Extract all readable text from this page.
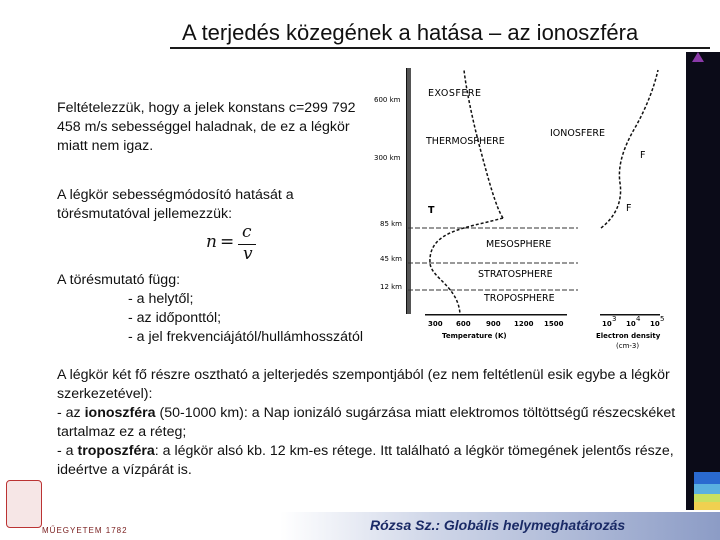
A terjedés közegének a hatása – az ionoszféra
Feltételezzük, hogy a jelek konstans c=299 792 458 m/s sebességgel haladnak, de ez a légkör miatt nem igaz.
A légkör sebességmódosító hatását a törésmutatóval jellemezzük:
n = c
v
A törésmutató függ:
- a helytől;
- az időponttól;
- a jel frekvenciájától/hullámhosszától
A légkör két fő részre osztható a jelterjedés szempontjából (ez nem feltétlenül esik egybe a légkör szerkezetével):
- az ionoszféra (50-1000 km): a Nap ionizáló sugárzása miatt elektromos töltöttségű részecskéket tartalmaz ez a réteg;
- a troposzféra: a légkör alsó kb. 12 km-es rétege. Itt található a légkör tömegének jelentős része, ideértve a vízpárát is.
600 km
300 km
85 km
45 km
12 km
EXOSFERE
THERMOSPHERE
IONOSFERE
MESOSPHERE
STRATOSPHERE
TROPOSPHERE
T
F
F
300 600 900 1200 1500
Temperature (K)
10
3
10
4
10
5
Electron density
(cm-3)
Rózsa Sz.: Globális helymeghatározás
MŰEGYETEM 1782
